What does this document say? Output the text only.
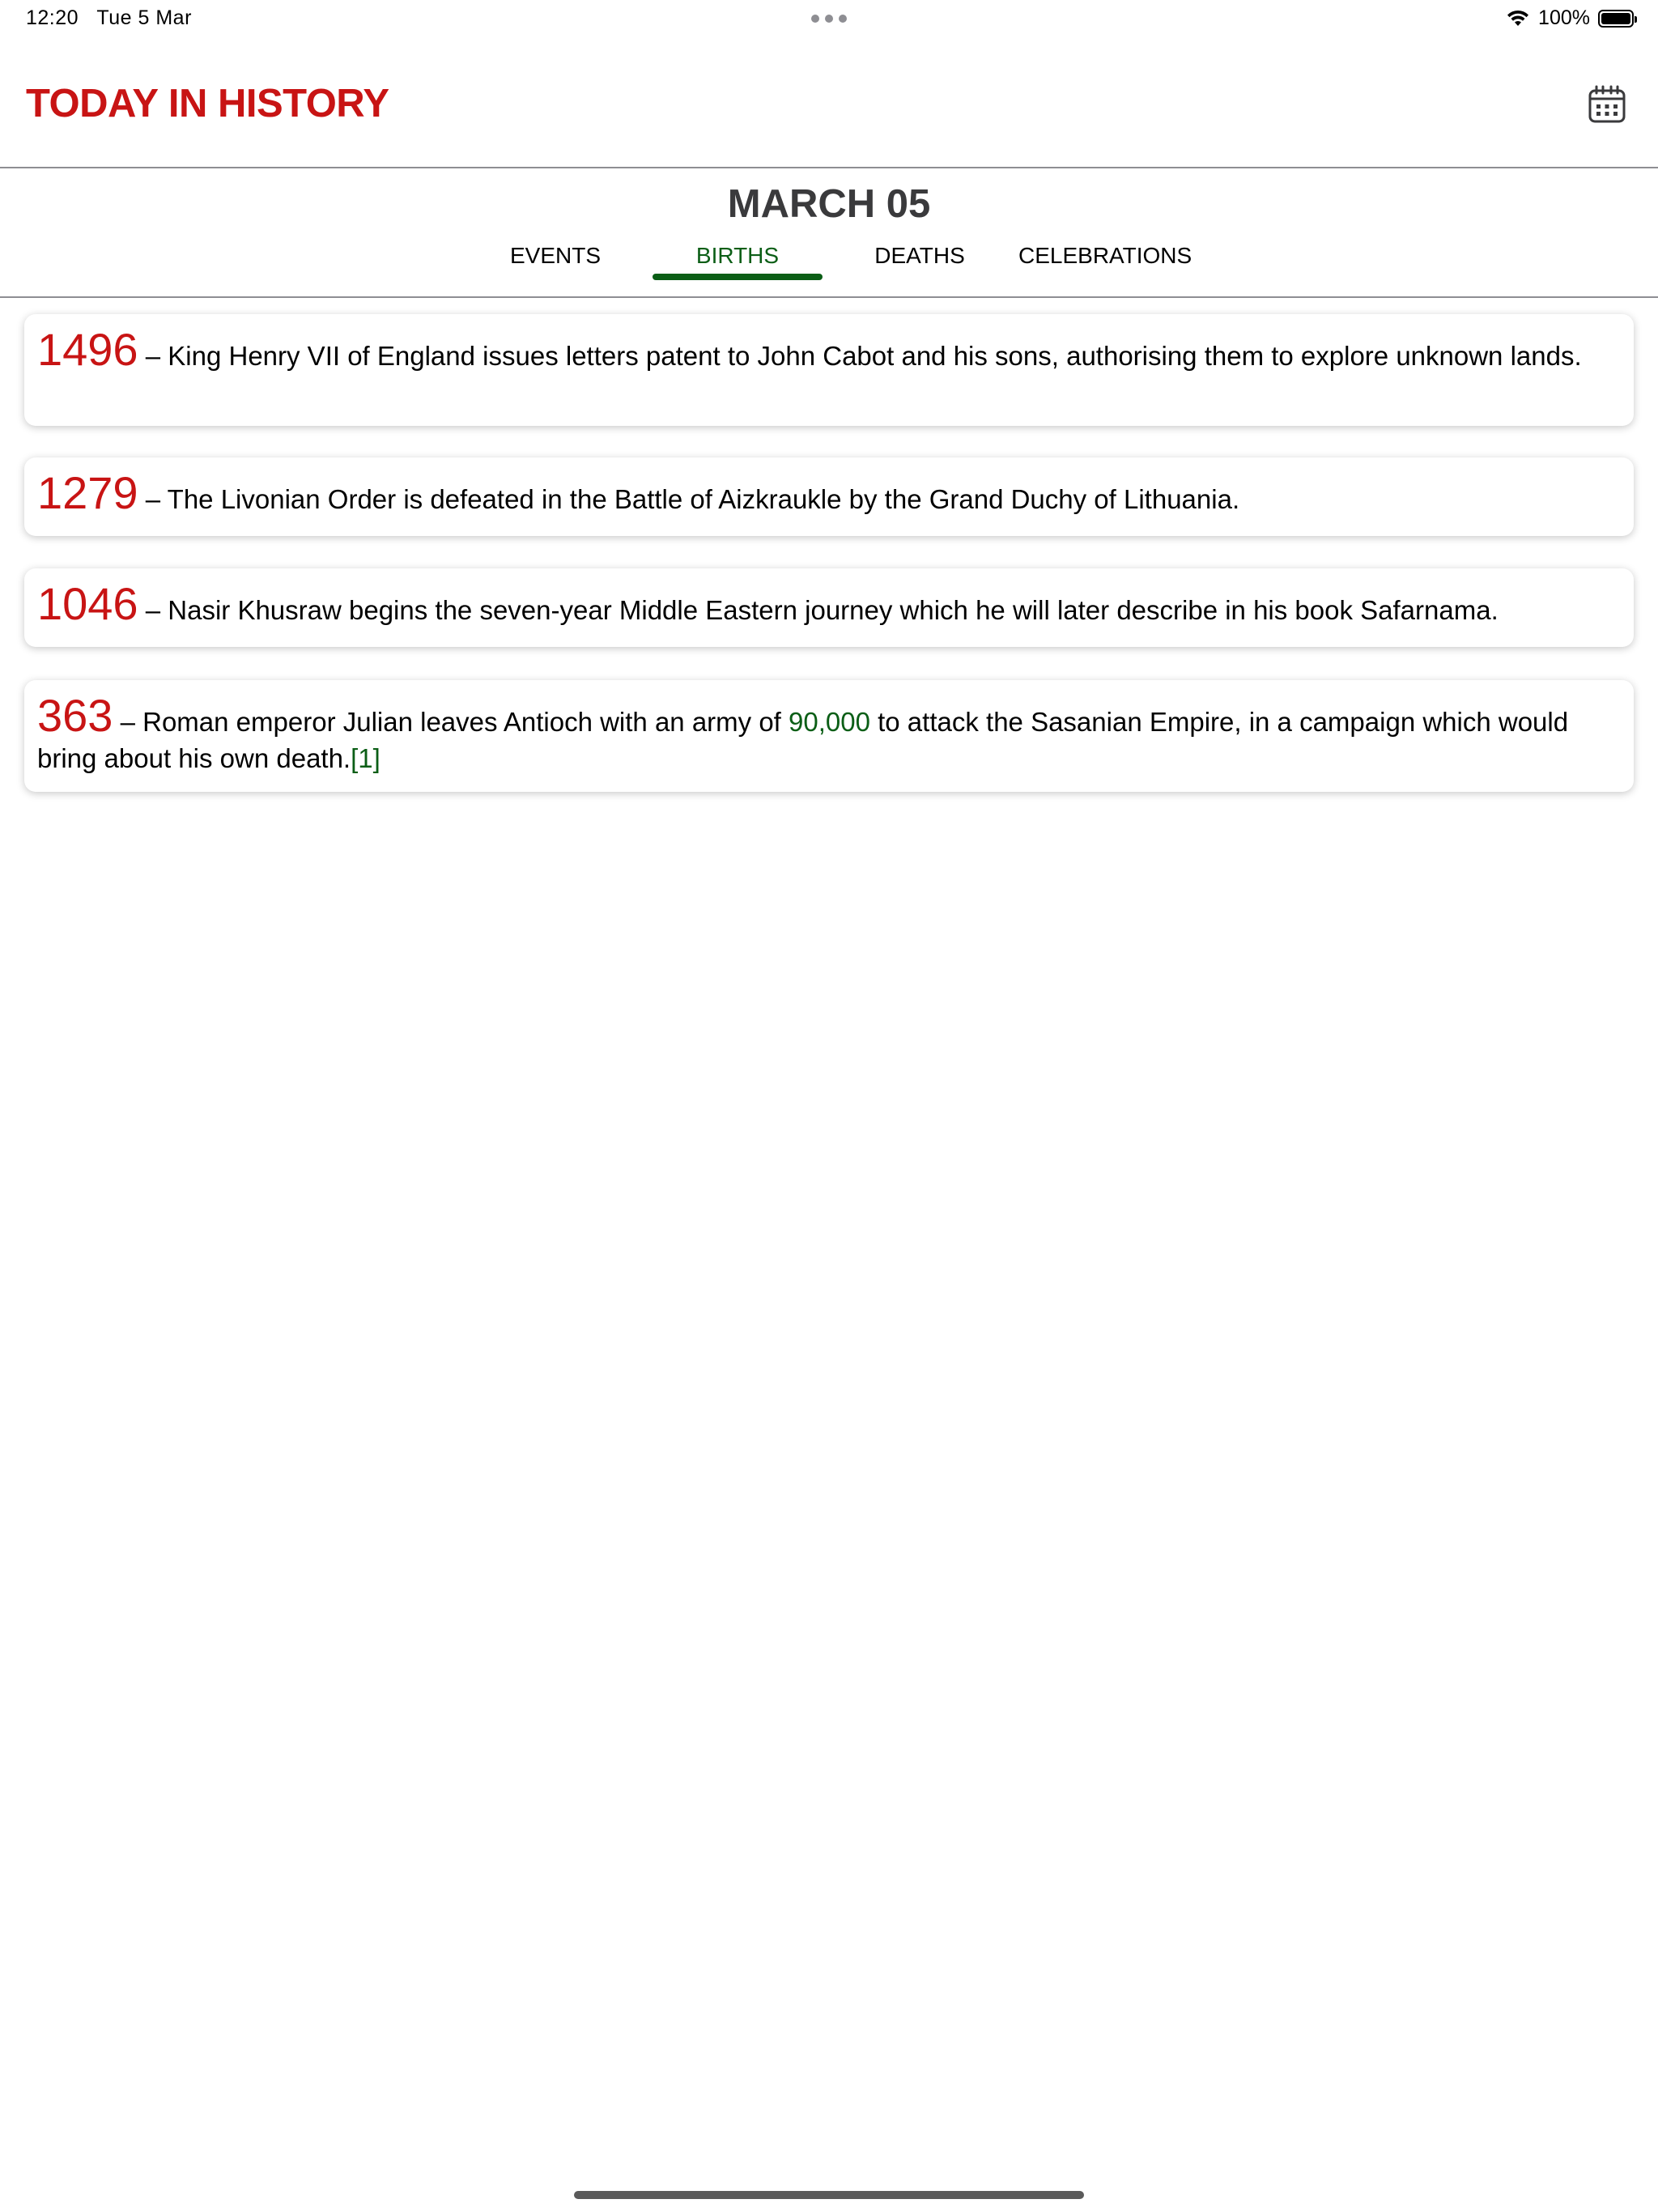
12:20 Tue 5 Mar	100%
TODAY IN HISTORY
MARCH 05
EVENTS	BIRTHS	DEATHS CELEBRATIONS
1496 – King Henry VII of England issues letters patent to John Cabot and his sons, authorising them to explore unknown lands.
1279 – The Livonian Order is defeated in the Battle of Aizkraukle by the Grand Duchy of Lithuania.
1046 – Nasir Khusraw begins the seven-year Middle Eastern journey which he will later describe in his book Safarnama.
363 – Roman emperor Julian leaves Antioch with an army of 90,000 to attack the Sasanian Empire, in a campaign which would bring about his own death.[1]
